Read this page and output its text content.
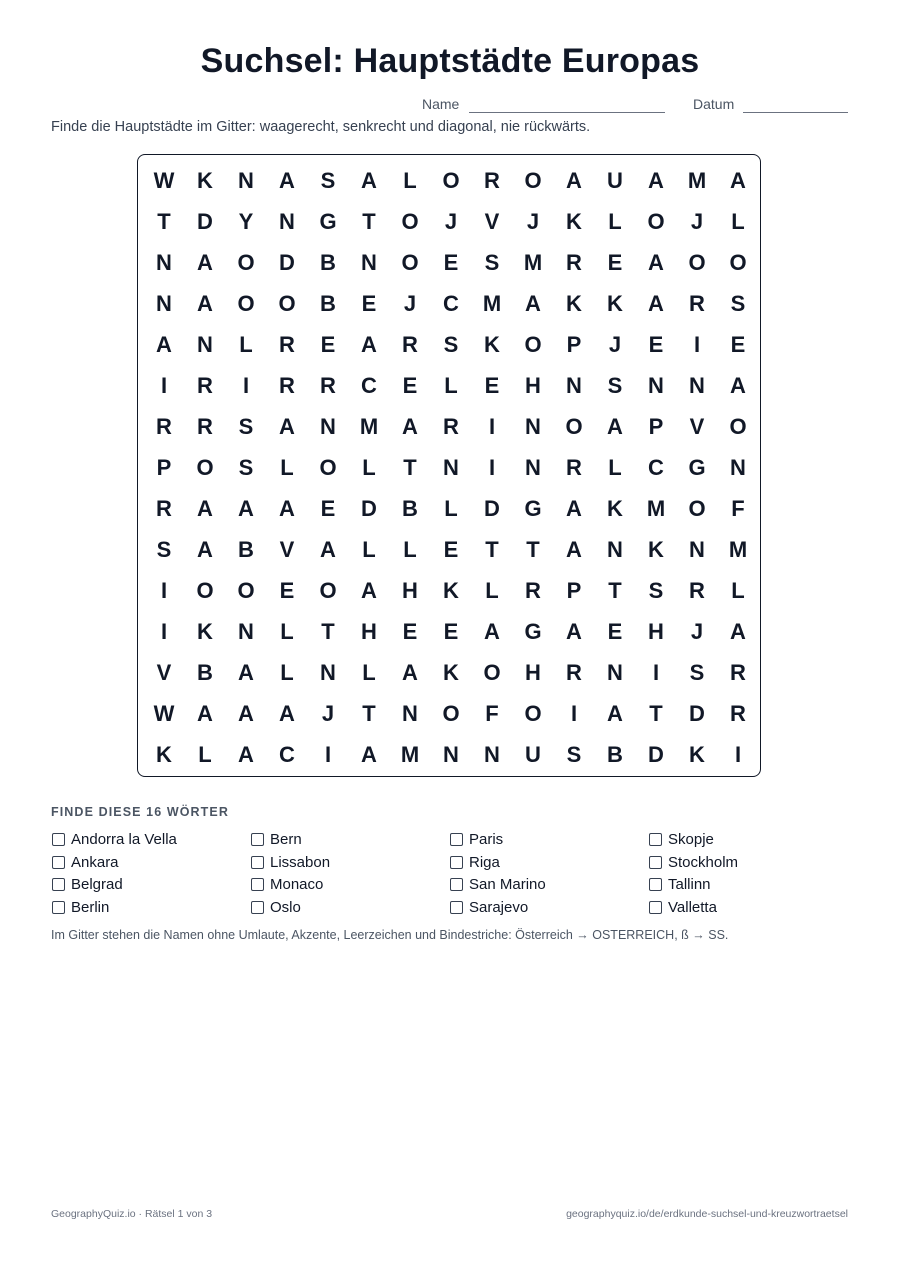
Suchsel: Hauptstädte Europas
Name	Datum
Finde die Hauptstädte im Gitter: waagerecht, senkrecht und diagonal, nie rückwärts.
W	K	N	A	S	A	L	O	R	O	A	U	A	M	A
T	D	Y	N	G	T	O	J	V	J	K	L	O	J	L
N	A	O	D	B	N	O	E	S	M	R	E	A	O	O
N	A	O	O	B	E	J	C	M	A	K	K	A	R	S
A	N	L	R	E	A	R	S	K	O	P	J	E	I	E
I	R	I	R	R	C	E	L	E	H	N	S	N	N	A
R	R	S	A	N	M	A	R	I	N	O	A	P	V	O
P	O	S	L	O	L	T	N	I	N	R	L	C	G	N
R	A	A	A	E	D	B	L	D	G	A	K	M	O	F
S	A	B	V	A	L	L	E	T	T	A	N	K	N	M
I	O	O	E	O	A	H	K	L	R	P	T	S	R	L
I	K	N	L	T	H	E	E	A	G	A	E	H	J	A
V	B	A	L	N	L	A	K	O	H	R	N	I	S	R
W	A	A	A	J	T	N	O	F	O	I	A	T	D	R
K	L	A	C	I	A	M	N	N	U	S	B	D	K	I
FINDE DIESE 16 WÖRTER
Andorra la Vella
Ankara
Belgrad
Berlin
Bern
Lissabon
Monaco
Oslo
Paris
Riga
San Marino
Sarajevo
Skopje
Stockholm
Tallinn
Valletta
Im Gitter stehen die Namen ohne Umlaute, Akzente, Leerzeichen und Bindestriche: Österreich → OSTERREICH, ß → SS.
GeographyQuiz.io · Rätsel 1 von 3	geographyquiz.io/de/erdkunde-suchsel-und-kreuzwortraetsel
